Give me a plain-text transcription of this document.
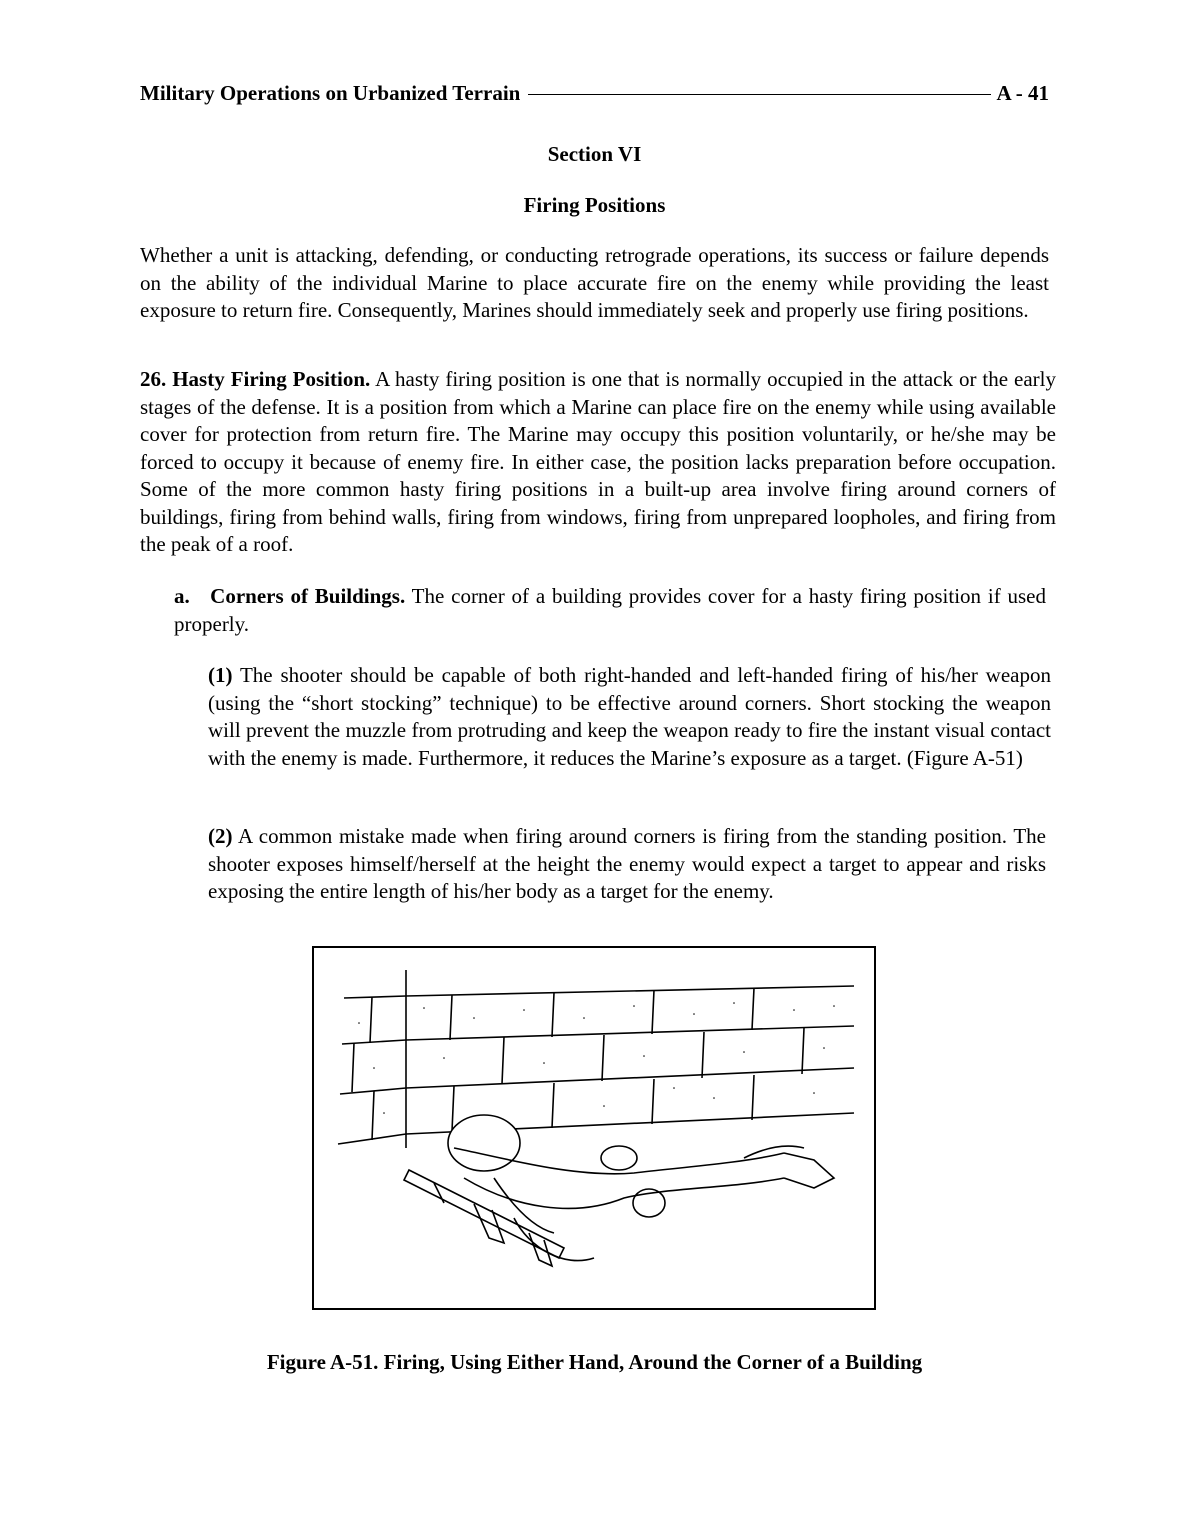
Military Operations on Urbanized Terrain	A - 41
Section VI
Firing Positions

Whether a unit is attacking, defending, or conducting retrograde operations, its success or failure depends on the ability of the individual Marine to place accurate fire on the enemy while providing the least exposure to return fire. Consequently, Marines should immediately seek and properly use firing positions.

26. Hasty Firing Position. A hasty firing position is one that is normally occupied in the attack or the early stages of the defense. It is a position from which a Marine can place fire on the enemy while using available cover for protection from return fire. The Marine may occupy this position voluntarily, or he/she may be forced to occupy it because of enemy fire. In either case, the position lacks preparation before occupation. Some of the more common hasty firing positions in a built-up area involve firing around corners of buildings, firing from behind walls, firing from windows, firing from unprepared loopholes, and firing from the peak of a roof.

a.   Corners of Buildings. The corner of a building provides cover for a hasty firing position if used properly.

(1) The shooter should be capable of both right-handed and left-handed firing of his/her weapon (using the “short stocking” technique) to be effective around corners. Short stocking the weapon will prevent the muzzle from protruding and keep the weapon ready to fire the instant visual contact with the enemy is made. Furthermore, it reduces the Marine’s exposure as a target. (Figure A-51)

(2) A common mistake made when firing around corners is firing from the standing position. The shooter exposes himself/herself at the height the enemy would expect a target to appear and risks exposing the entire length of his/her body as a target for the enemy.

Figure A-51. Firing, Using Either Hand, Around the Corner of a Building
